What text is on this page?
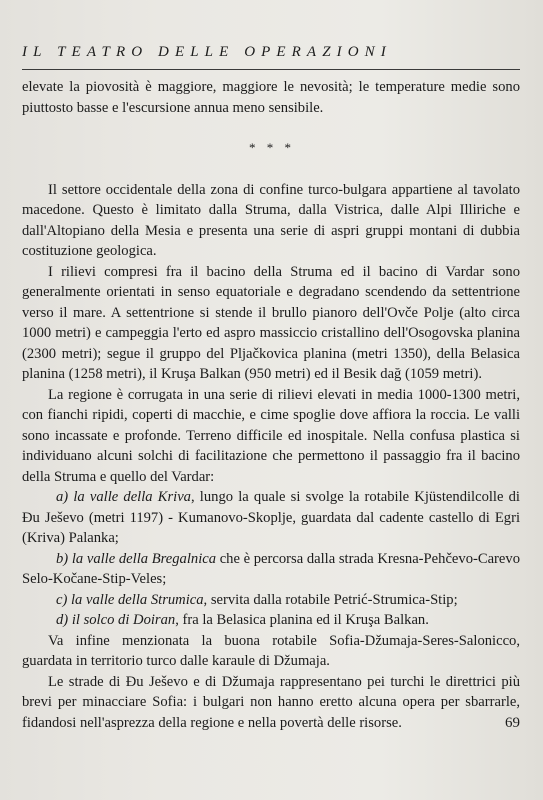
IL TEATRO DELLE OPERAZIONI

elevate la piovosità è maggiore, maggiore le nevosità; le temperature medie sono piuttosto basse e l'escursione annua meno sensibile.

* * *

Il settore occidentale della zona di confine turco-bulgara appartiene al tavolato macedone. Questo è limitato dalla Struma, dalla Vistrica, dalle Alpi Illiriche e dall'Altopiano della Mesia e presenta una serie di aspri gruppi montani di dubbia costituzione geologica.

I rilievi compresi fra il bacino della Struma ed il bacino di Vardar sono generalmente orientati in senso equatoriale e degradano scendendo da settentrione verso il mare. A settentrione si stende il brullo pianoro dell'Ovče Polje (alto circa 1000 metri) e campeggia l'erto ed aspro massiccio cristallino dell'Osogovska planina (2300 metri); segue il gruppo del Pljačkovica planina (metri 1350), della Belasica planina (1258 metri), il Kruşa Balkan (950 metri) ed il Besik dağ (1059 metri).

La regione è corrugata in una serie di rilievi elevati in media 1000-1300 metri, con fianchi ripidi, coperti di macchie, e cime spoglie dove affiora la roccia. Le valli sono incassate e profonde. Terreno difficile ed inospitale. Nella confusa plastica si individuano alcuni solchi di facilitazione che permettono il passaggio fra il bacino della Struma e quello del Vardar:

a) la valle della Kriva, lungo la quale si svolge la rotabile Kjüstendilcolle di Đu Ješevo (metri 1197) - Kumanovo-Skoplje, guardata dal cadente castello di Egri (Kriva) Palanka;

b) la valle della Bregalnica che è percorsa dalla strada Kresna-Pehčevo-Carevo Selo-Kočane-Stip-Veles;

c) la valle della Strumica, servita dalla rotabile Petrić-Strumica-Stip;

d) il solco di Doiran, fra la Belasica planina ed il Kruşa Balkan.

Va infine menzionata la buona rotabile Sofia-Džumaja-Seres-Salonicco, guardata in territorio turco dalle karaule di Džumaja.

Le strade di Đu Ješevo e di Džumaja rappresentano pei turchi le direttrici più brevi per minacciare Sofia: i bulgari non hanno eretto alcuna opera per sbarrarle, fidandosi nell'asprezza della regione e nella povertà delle risorse.	69
